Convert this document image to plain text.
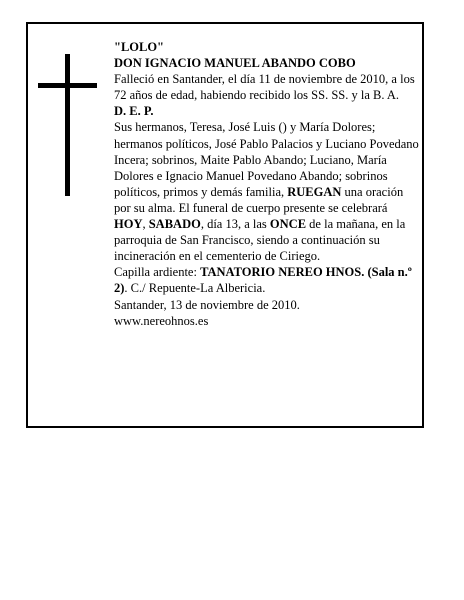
"LOLO"

DON IGNACIO MANUEL ABANDO COBO

Falleció en Santander, el día 11 de noviembre de 2010, a los 72 años de edad, habiendo recibido los SS. SS. y la B. A.

D. E. P.

Sus hermanos, Teresa, José Luis () y María Dolores; hermanos políticos, José Pablo Palacios y Luciano Povedano Incera; sobrinos, Maite Pablo Abando; Luciano, María Dolores e Ignacio Manuel Povedano Abando; sobrinos políticos, primos y demás familia, RUEGAN una oración por su alma. El funeral de cuerpo presente se celebrará HOY, SABADO, día 13, a las ONCE de la mañana, en la parroquia de San Francisco, siendo a continuación su incineración en el cementerio de Ciriego.

Capilla ardiente: TANATORIO NEREO HNOS. (Sala n.º 2). C./ Repuente-La Albericia.

Santander, 13 de noviembre de 2010.

www.nereohnos.es
